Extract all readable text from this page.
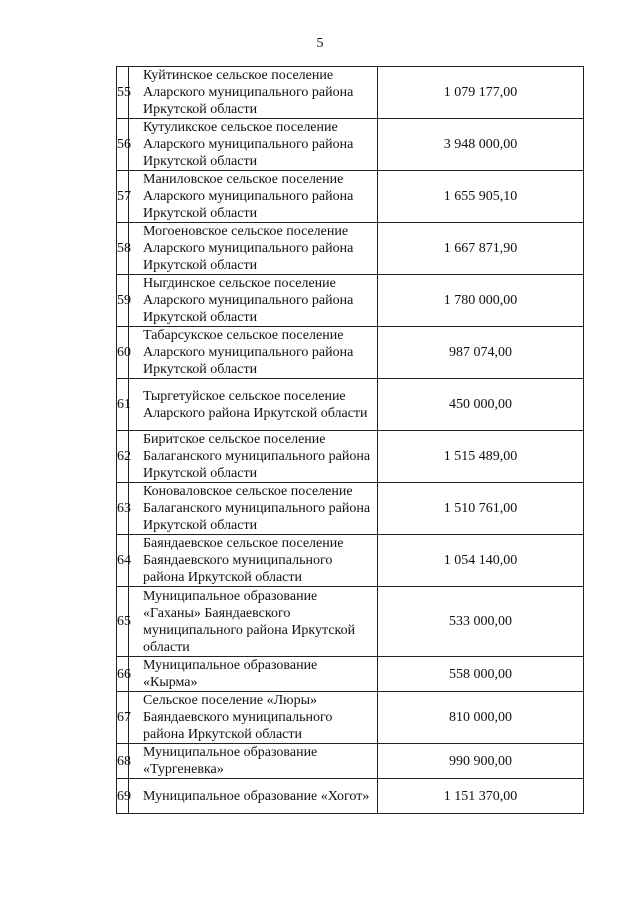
5
55	Куйтинское сельское поселение Аларского муниципального района Иркутской области	1 079 177,00
56	Кутуликское сельское поселение Аларского муниципального района Иркутской области	3 948 000,00
57	Маниловское сельское поселение Аларского муниципального района Иркутской области	1 655 905,10
58	Могоеновское сельское поселение Аларского муниципального района Иркутской области	1 667 871,90
59	Ныгдинское сельское поселение Аларского муниципального района Иркутской области	1 780 000,00
60	Табарсукское сельское поселение Аларского муниципального района Иркутской области	987 074,00
61	Тыргетуйское сельское поселение Аларского района Иркутской области	450 000,00
62	Биритское сельское поселение Балаганского муниципального района Иркутской области	1 515 489,00
63	Коноваловское сельское поселение Балаганского муниципального района Иркутской области	1 510 761,00
64	Баяндаевское сельское поселение Баяндаевского муниципального района Иркутской области	1 054 140,00
65	Муниципальное образование «Гаханы» Баяндаевского муниципального района Иркутской области	533 000,00
66	Муниципальное образование «Кырма»	558 000,00
67	Сельское поселение «Люры» Баяндаевского муниципального района Иркутской области	810 000,00
68	Муниципальное образование «Тургеневка»	990 900,00
69	Муниципальное образование «Хогот»	1 151 370,00
